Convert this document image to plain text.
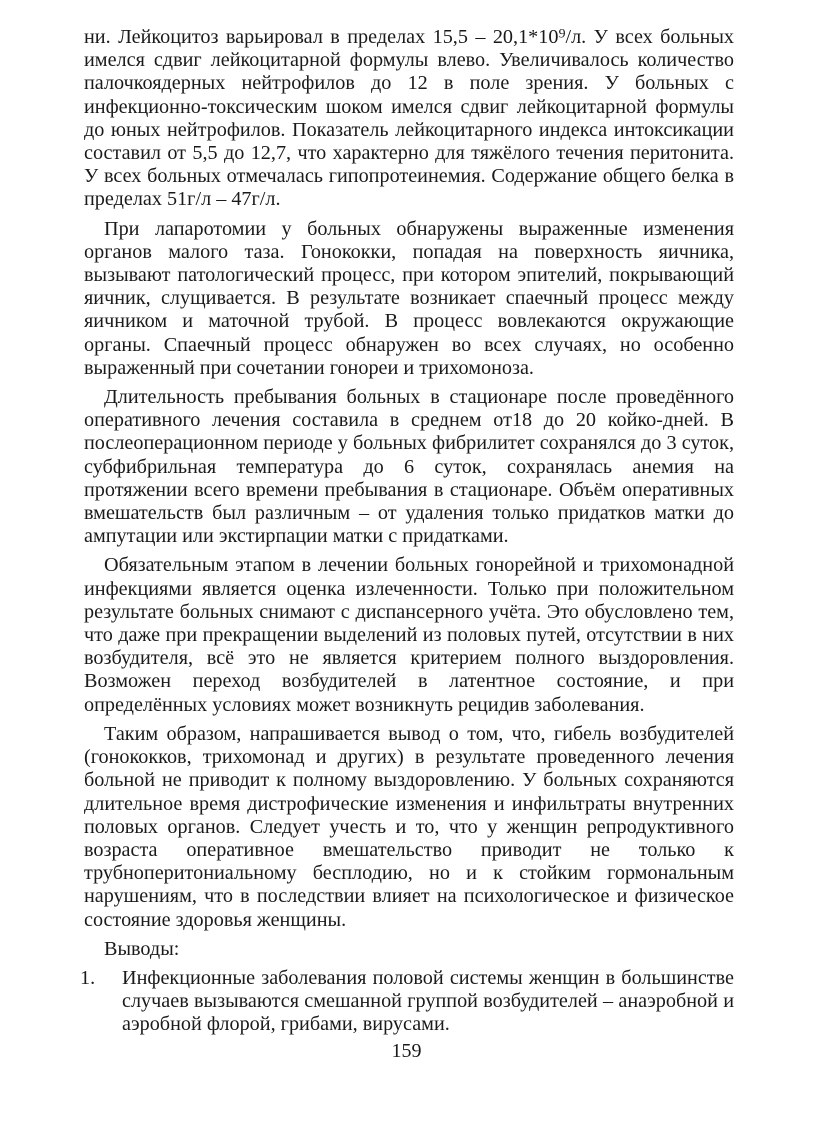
ни. Лейкоцитоз варьировал в пределах 15,5 – 20,1*10⁹/л. У всех больных имелся сдвиг лейкоцитарной формулы влево. Увеличивалось количество палочкоядерных нейтрофилов до 12 в поле зрения. У больных с инфекционно-токсическим шоком имелся сдвиг лейкоцитарной формулы до юных нейтрофилов. Показатель лейкоцитарного индекса интоксикации составил от 5,5 до 12,7, что характерно для тяжёлого течения перитонита. У всех больных отмечалась гипопротеинемия. Содержание общего белка в пределах 51г/л – 47г/л.

При лапаротомии у больных обнаружены выраженные изменения органов малого таза. Гонококки, попадая на поверхность яичника, вызывают патологический процесс, при котором эпителий, покрывающий яичник, слущивается. В результате возникает спаечный процесс между яичником и маточной трубой. В процесс вовлекаются окружающие органы. Спаечный процесс обнаружен во всех случаях, но особенно выраженный при сочетании гонореи и трихомоноза.

Длительность пребывания больных в стационаре после проведённого оперативного лечения составила в среднем от18 до 20 койко-дней. В послеоперационном периоде у больных фибрилитет сохранялся до 3 суток, субфибрильная температура до 6 суток, сохранялась анемия на протяжении всего времени пребывания в стационаре. Объём оперативных вмешательств был различным – от удаления только придатков матки до ампутации или экстирпации матки с придатками.

Обязательным этапом в лечении больных гонорейной и трихомонадной инфекциями является оценка излеченности. Только при положительном результате больных снимают с диспансерного учёта. Это обусловлено тем, что даже при прекращении выделений из половых путей, отсутствии в них возбудителя, всё это не является критерием полного выздоровления. Возможен переход возбудителей в латентное состояние, и при определённых условиях может возникнуть рецидив заболевания.

Таким образом, напрашивается вывод о том, что, гибель возбудителей (гонококков, трихомонад и других) в результате проведенного лечения больной не приводит к полному выздоровлению. У больных сохраняются длительное время дистрофические изменения и инфильтраты внутренних половых органов. Следует учесть и то, что у женщин репродуктивного возраста оперативное вмешательство приводит не только к трубноперитониальному бесплодию, но и к стойким гормональным нарушениям, что в последствии влияет на психологическое и физическое состояние здоровья женщины.

Выводы:

1. Инфекционные заболевания половой системы женщин в большинстве случаев вызываются смешанной группой возбудителей – анаэробной и аэробной флорой, грибами, вирусами.
159
